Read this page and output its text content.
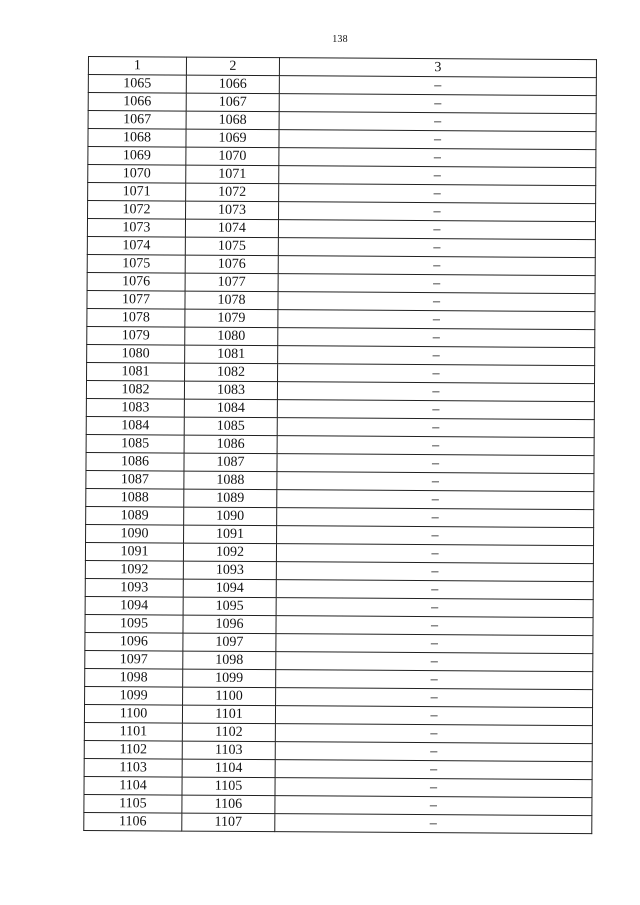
138
1	2	3
1065	1066	–
1066	1067	–
1067	1068	–
1068	1069	–
1069	1070	–
1070	1071	–
1071	1072	–
1072	1073	–
1073	1074	–
1074	1075	–
1075	1076	–
1076	1077	–
1077	1078	–
1078	1079	–
1079	1080	–
1080	1081	–
1081	1082	–
1082	1083	–
1083	1084	–
1084	1085	–
1085	1086	–
1086	1087	–
1087	1088	–
1088	1089	–
1089	1090	–
1090	1091	–
1091	1092	–
1092	1093	–
1093	1094	–
1094	1095	–
1095	1096	–
1096	1097	–
1097	1098	–
1098	1099	–
1099	1100	–
1100	1101	–
1101	1102	–
1102	1103	–
1103	1104	–
1104	1105	–
1105	1106	–
1106	1107	–
